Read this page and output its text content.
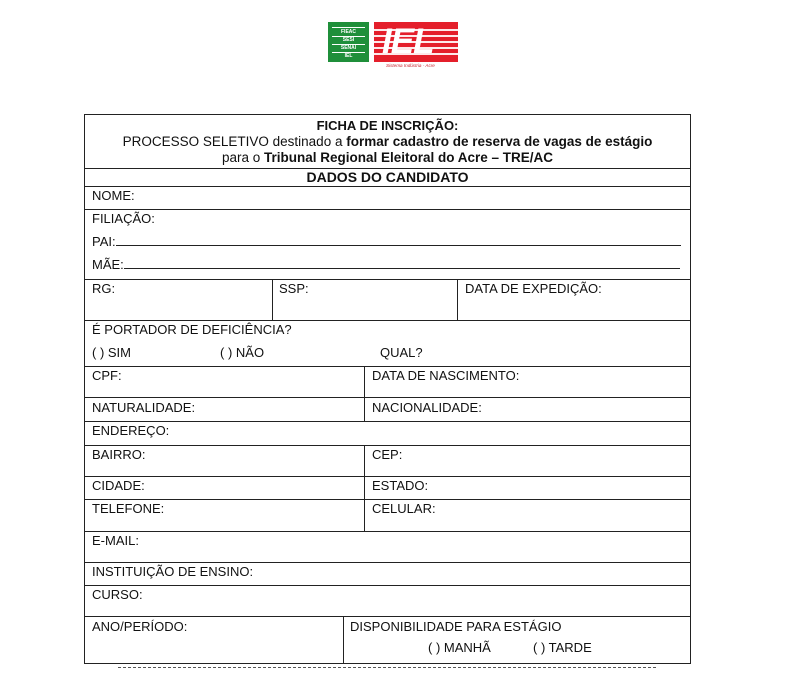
FIEAC
SESI
SENAI
IEL
Sistema Indústria - Acre
FICHA DE INSCRIÇÃO:
PROCESSO SELETIVO destinado a formar cadastro de reserva de vagas de estágio
para o Tribunal Regional Eleitoral do Acre – TRE/AC
DADOS DO CANDIDATO
NOME:
FILIAÇÃO:
PAI:
MÃE:
RG:	SSP:	DATA DE EXPEDIÇÃO:
É PORTADOR DE DEFICIÊNCIA?
( ) SIM	( ) NÃO	QUAL?
CPF:	DATA DE NASCIMENTO:
NATURALIDADE:	NACIONALIDADE:
ENDEREÇO:
BAIRRO:	CEP:
CIDADE:	ESTADO:
TELEFONE:	CELULAR:
E-MAIL:
INSTITUIÇÃO DE ENSINO:
CURSO:
ANO/PERÍODO:	DISPONIBILIDADE PARA ESTÁGIO
( ) MANHÃ	( ) TARDE
